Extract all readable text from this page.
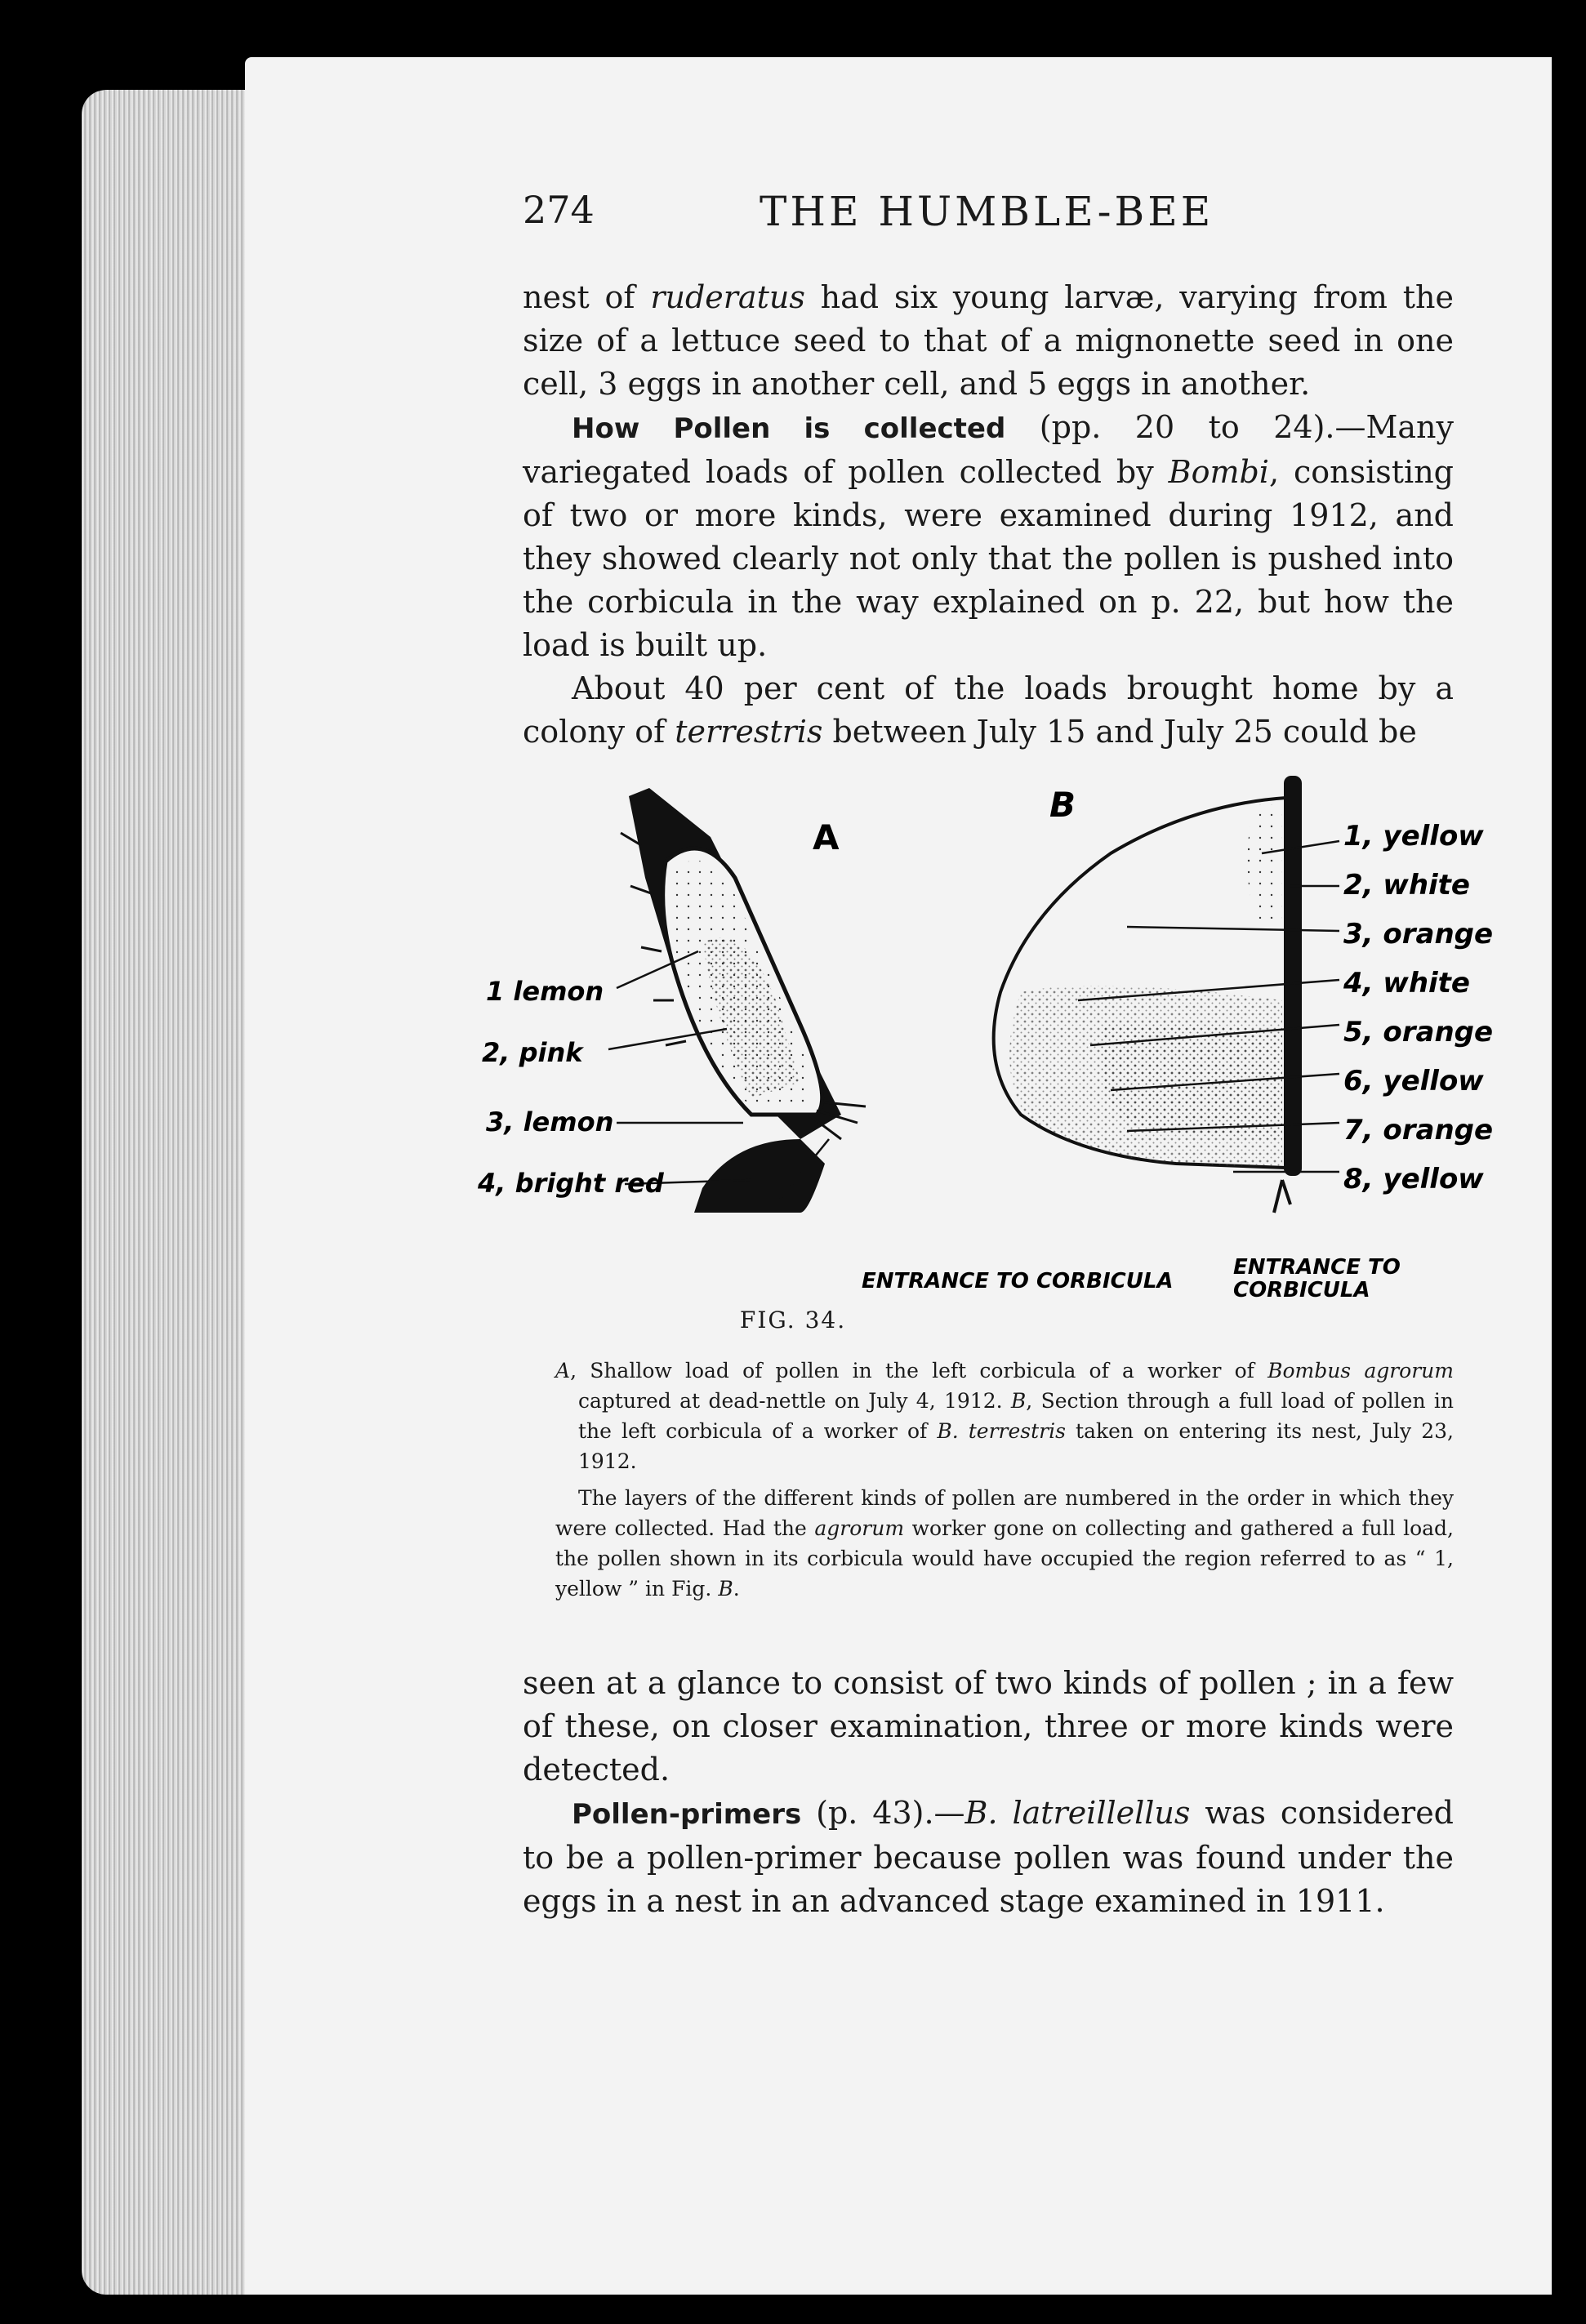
274	THE HUMBLE-BEE

nest of ruderatus had six young larvæ, varying from the size of a lettuce seed to that of a mignonette seed in one cell, 3 eggs in another cell, and 5 eggs in another.

How Pollen is collected (pp. 20 to 24).—Many variegated loads of pollen collected by Bombi, consisting of two or more kinds, were examined during 1912, and they showed clearly not only that the pollen is pushed into the corbicula in the way explained on p. 22, but how the load is built up.

About 40 per cent of the loads brought home by a colony of terrestris between July 15 and July 25 could be

A
B
1 lemon
2, pink
3, lemon
4, bright red
1, yellow
2, white
3, orange
4, white
5, orange
6, yellow
7, orange
8, yellow
ENTRANCE TO CORBICULA
ENTRANCE TO
CORBICULA
FIG. 34.

A, Shallow load of pollen in the left corbicula of a worker of Bombus agrorum captured at dead-nettle on July 4, 1912. B, Section through a full load of pollen in the left corbicula of a worker of B. terrestris taken on entering its nest, July 23, 1912.

The layers of the different kinds of pollen are numbered in the order in which they were collected. Had the agrorum worker gone on collecting and gathered a full load, the pollen shown in its corbicula would have occupied the region referred to as “ 1, yellow ” in Fig. B.

seen at a glance to consist of two kinds of pollen ; in a few of these, on closer examination, three or more kinds were detected.

Pollen-primers (p. 43).—B. latreillellus was considered to be a pollen-primer because pollen was found under the eggs in a nest in an advanced stage examined in 1911.
